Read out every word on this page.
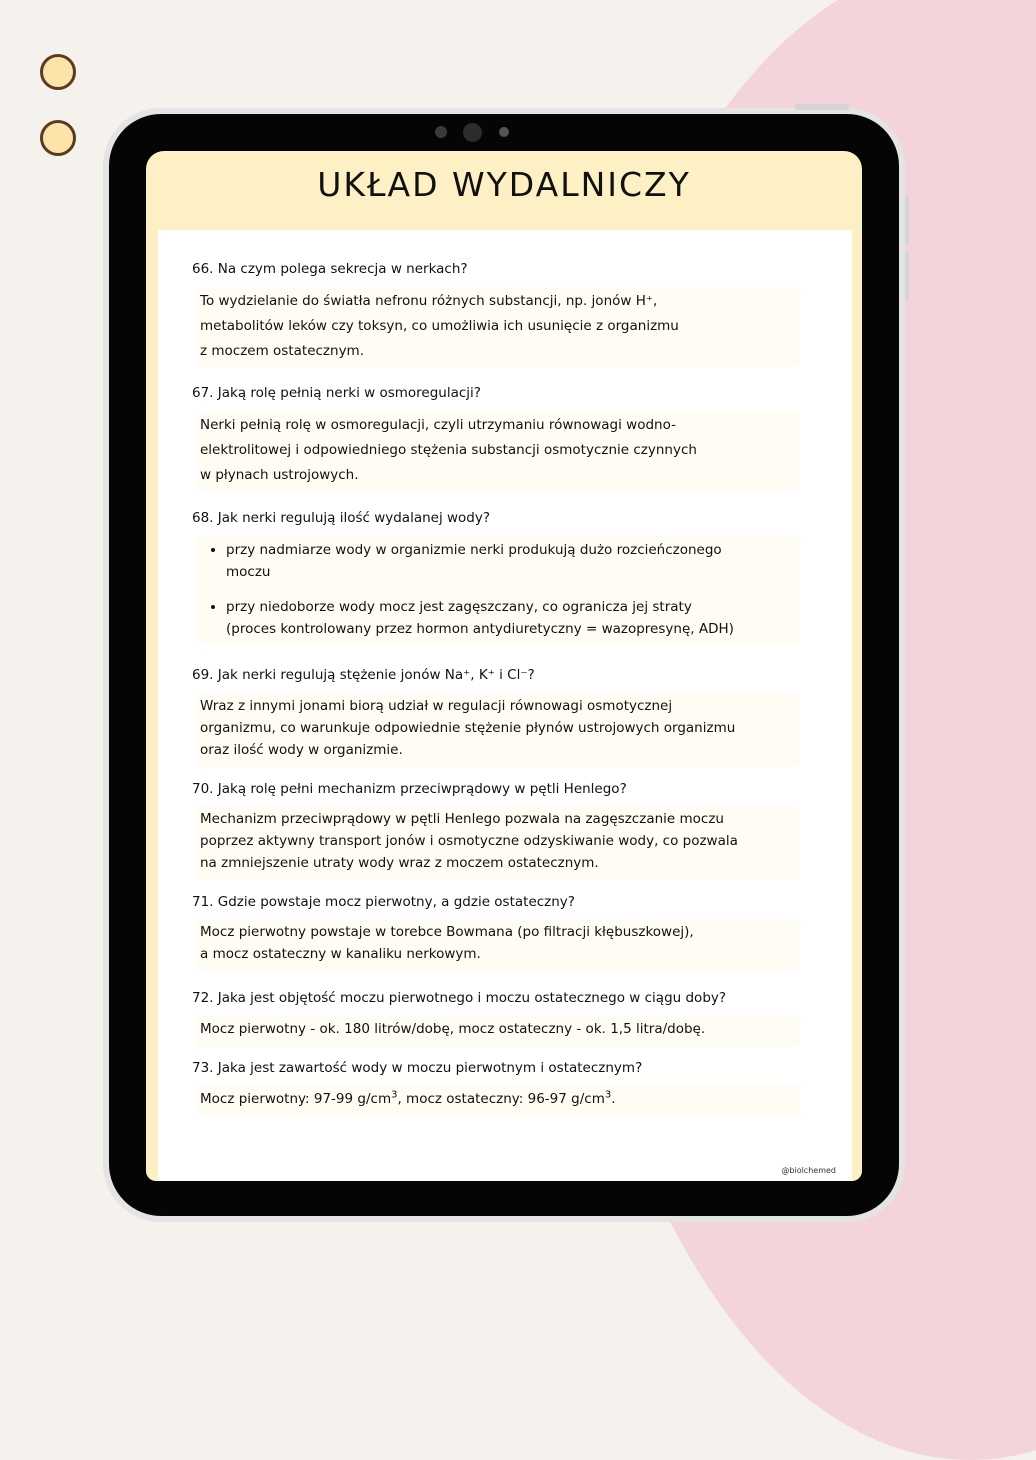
UKŁAD WYDALNICZY
66. Na czym polega sekrecja w nerkach?

To wydzielanie do światła nefronu różnych substancji, np. jonów H⁺,

metabolitów leków czy toksyn, co umożliwia ich usunięcie z organizmu

z moczem ostatecznym.

67. Jaką rolę pełnią nerki w osmoregulacji?

Nerki pełnią rolę w osmoregulacji, czyli utrzymaniu równowagi wodno-

elektrolitowej i odpowiedniego stężenia substancji osmotycznie czynnych

w płynach ustrojowych.

68. Jak nerki regulują ilość wydalanej wody?
• przy nadmiarze wody w organizmie nerki produkują dużo rozcieńczonego
moczu
• przy niedoborze wody mocz jest zagęszczany, co ogranicza jej straty
(proces kontrolowany przez hormon antydiuretyczny = wazopresynę, ADH)
69. Jak nerki regulują stężenie jonów Na⁺, K⁺ i Cl⁻?

Wraz z innymi jonami biorą udział w regulacji równowagi osmotycznej

organizmu, co warunkuje odpowiednie stężenie płynów ustrojowych organizmu

oraz ilość wody w organizmie.

70. Jaką rolę pełni mechanizm przeciwprądowy w pętli Henlego?

Mechanizm przeciwprądowy w pętli Henlego pozwala na zagęszczanie moczu

poprzez aktywny transport jonów i osmotyczne odzyskiwanie wody, co pozwala

na zmniejszenie utraty wody wraz z moczem ostatecznym.

71. Gdzie powstaje mocz pierwotny, a gdzie ostateczny?

Mocz pierwotny powstaje w torebce Bowmana (po filtracji kłębuszkowej),

a mocz ostateczny w kanaliku nerkowym.

72. Jaka jest objętość moczu pierwotnego i moczu ostatecznego w ciągu doby?

Mocz pierwotny - ok. 180 litrów/dobę, mocz ostateczny - ok. 1,5 litra/dobę.

73. Jaka jest zawartość wody w moczu pierwotnym i ostatecznym?

Mocz pierwotny: 97-99 $g/cm^3$, mocz ostateczny: 96-97 $g/cm^3$.

@biolchemed
